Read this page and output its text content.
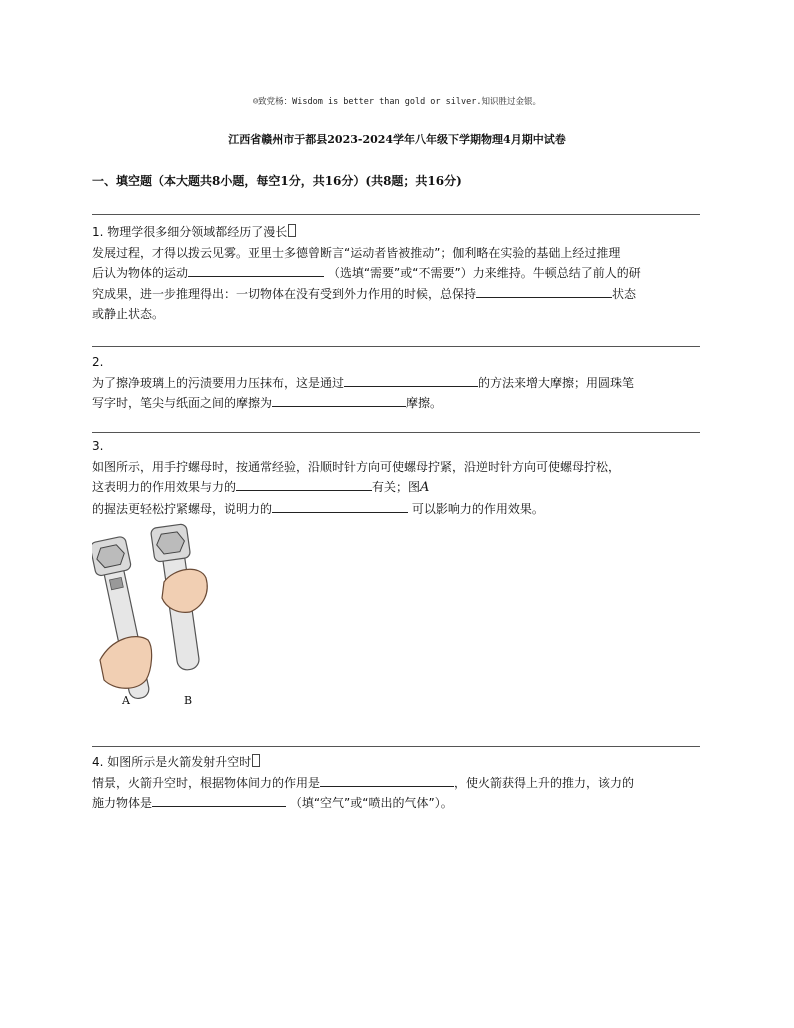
☺致党杨：Wisdom is better than gold or silver.知识胜过金银。
江西省赣州市于都县2023-2024学年八年级下学期物理4月期中试卷
一、填空题（本大题共8小题，每空1分，共16分）(共8题；共16分)

1. 物理学很多细分领域都经历了漫长

发展过程，才得以拨云见雾。亚里士多德曾断言“运动者皆被推动”；伽利略在实验的基础上经过推理

后认为物体的运动	（选填“需要”或“不需要”）力来维持。牛顿总结了前人的研

究成果，进一步推理得出：一切物体在没有受到外力作用的时候，总保持	状态

或静止状态。

2.

为了擦净玻璃上的污渍要用力压抹布，这是通过	的方法来增大摩擦；用圆珠笔

写字时，笔尖与纸面之间的摩擦为	摩擦。

3.

如图所示，用手拧螺母时，按通常经验，沿顺时针方向可使螺母拧紧，沿逆时针方向可使螺母拧松，

这表明力的作用效果与力的	有关；图A

的握法更轻松拧紧螺母，说明力的	可以影响力的作用效果。

A	B

4. 如图所示是火箭发射升空时

情景，火箭升空时，根据物体间力的作用是	，使火箭获得上升的推力，该力的

施力物体是	（填“空气”或“喷出的气体”）。
